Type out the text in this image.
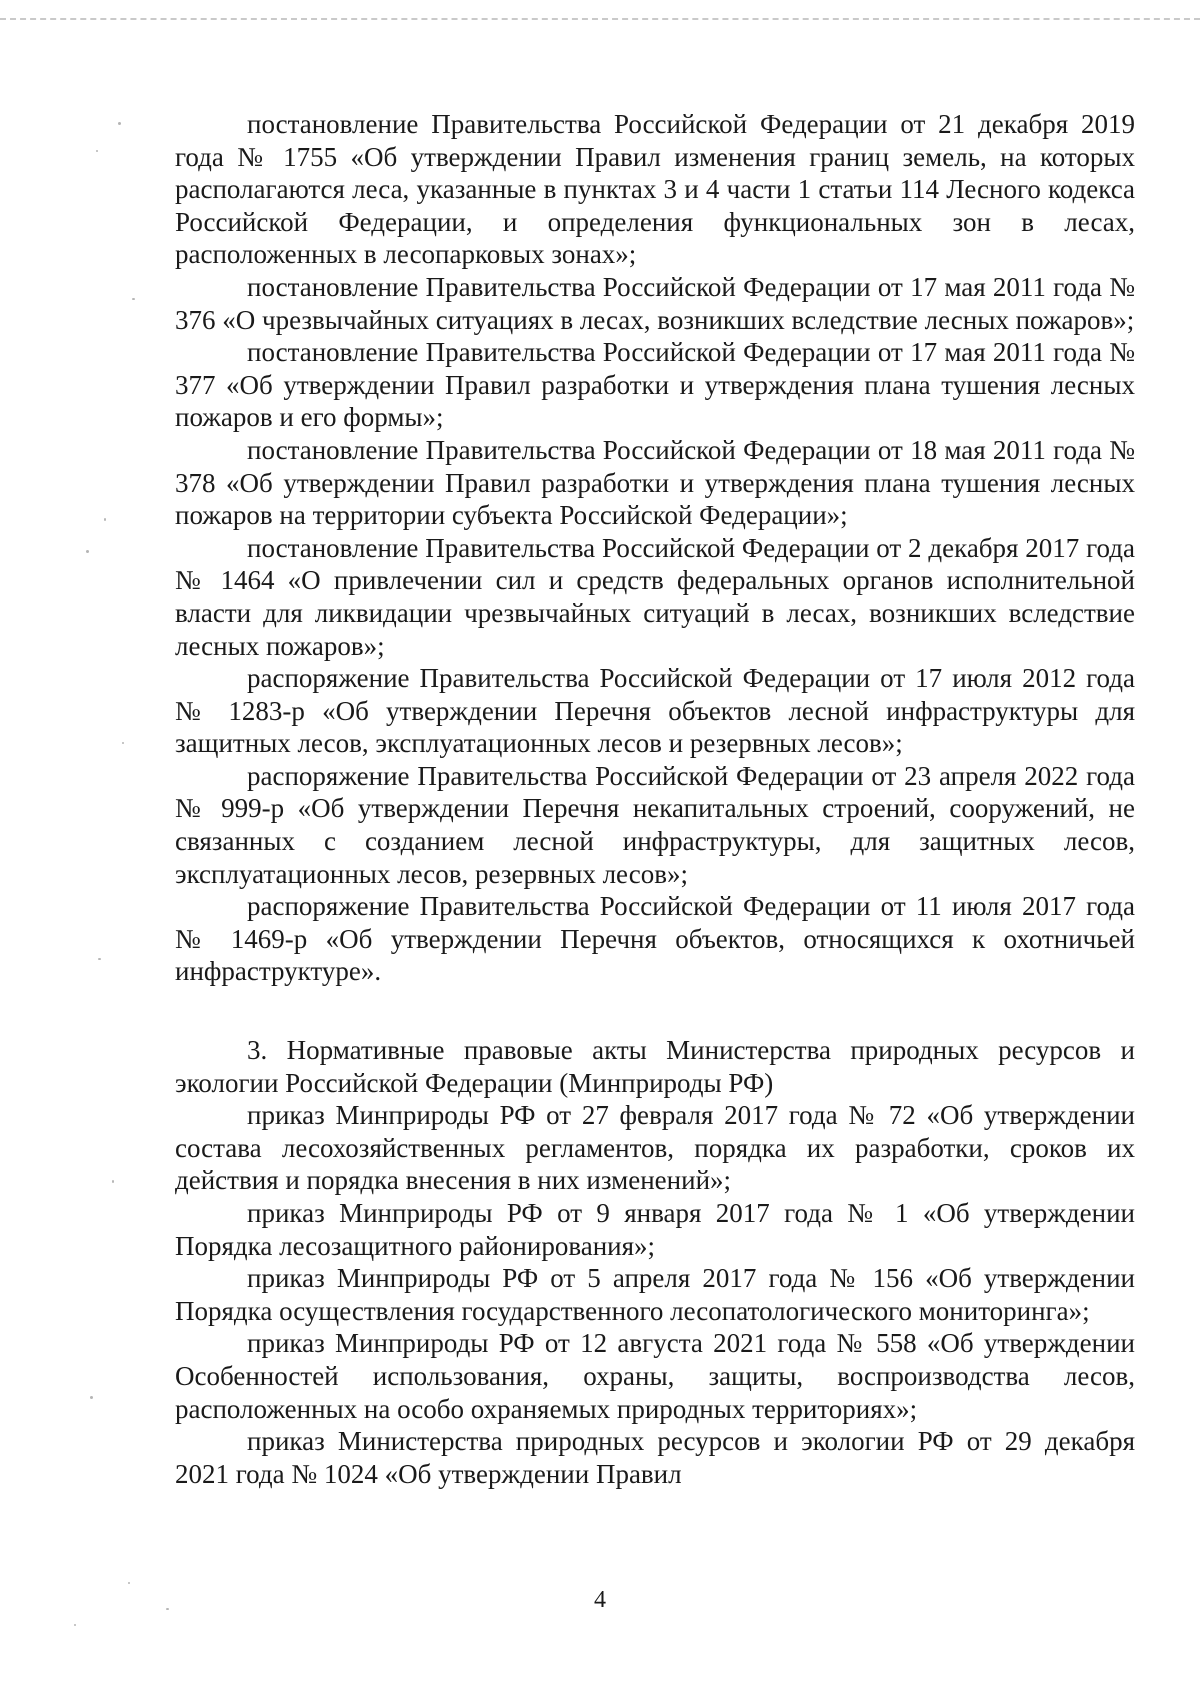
постановление Правительства Российской Федерации от 21 декабря 2019 года № 1755 «Об утверждении Правил изменения границ земель, на которых располагаются леса, указанные в пунктах 3 и 4 части 1 статьи 114 Лесного кодекса Российской Федерации, и определения функциональных зон в лесах, расположенных в лесопарковых зонах»;

постановление Правительства Российской Федерации от 17 мая 2011 года № 376 «О чрезвычайных ситуациях в лесах, возникших вследствие лесных пожаров»;

постановление Правительства Российской Федерации от 17 мая 2011 года № 377 «Об утверждении Правил разработки и утверждения плана тушения лесных пожаров и его формы»;

постановление Правительства Российской Федерации от 18 мая 2011 года № 378 «Об утверждении Правил разработки и утверждения плана тушения лесных пожаров на территории субъекта Российской Федерации»;

постановление Правительства Российской Федерации от 2 декабря 2017 года № 1464 «О привлечении сил и средств федеральных органов исполнительной власти для ликвидации чрезвычайных ситуаций в лесах, возникших вследствие лесных пожаров»;

распоряжение Правительства Российской Федерации от 17 июля 2012 года № 1283-р «Об утверждении Перечня объектов лесной инфраструктуры для защитных лесов, эксплуатационных лесов и резервных лесов»;

распоряжение Правительства Российской Федерации от 23 апреля 2022 года № 999-р «Об утверждении Перечня некапитальных строений, сооружений, не связанных с созданием лесной инфраструктуры, для защитных лесов, эксплуатационных лесов, резервных лесов»;

распоряжение Правительства Российской Федерации от 11 июля 2017 года № 1469-р «Об утверждении Перечня объектов, относящихся к охотничьей инфраструктуре».

3. Нормативные правовые акты Министерства природных ресурсов и экологии Российской Федерации (Минприроды РФ)

приказ Минприроды РФ от 27 февраля 2017 года № 72 «Об утверждении состава лесохозяйственных регламентов, порядка их разработки, сроков их действия и порядка внесения в них изменений»;

приказ Минприроды РФ от 9 января 2017 года № 1 «Об утверждении Порядка лесозащитного районирования»;

приказ Минприроды РФ от 5 апреля 2017 года № 156 «Об утверждении Порядка осуществления государственного лесопатологического мониторинга»;

приказ Минприроды РФ от 12 августа 2021 года № 558 «Об утверждении Особенностей использования, охраны, защиты, воспроизводства лесов, расположенных на особо охраняемых природных территориях»;

приказ Министерства природных ресурсов и экологии РФ от 29 декабря 2021 года № 1024 «Об утверждении Правил

4
